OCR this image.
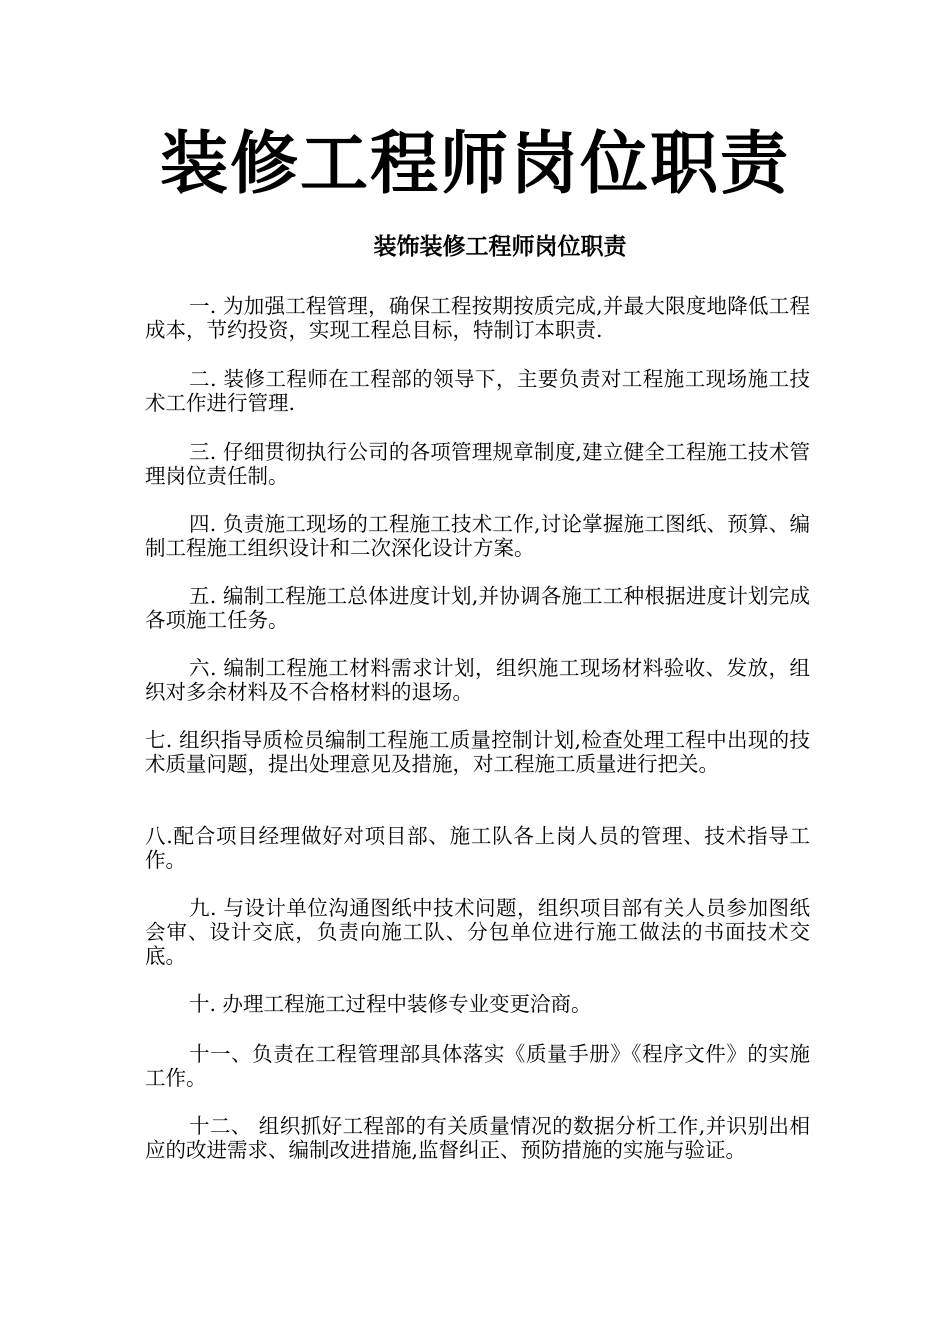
装修工程师岗位职责
装饰装修工程师岗位职责

一. 为加强工程管理，确保工程按期按质完成,并最大限度地降低工程成本，节约投资，实现工程总目标，特制订本职责.

二. 装修工程师在工程部的领导下，主要负责对工程施工现场施工技术工作进行管理.

三. 仔细贯彻执行公司的各项管理规章制度,建立健全工程施工技术管理岗位责任制。

四. 负责施工现场的工程施工技术工作,讨论掌握施工图纸、预算、编制工程施工组织设计和二次深化设计方案。

五. 编制工程施工总体进度计划,并协调各施工工种根据进度计划完成各项施工任务。

六. 编制工程施工材料需求计划，组织施工现场材料验收、发放，组织对多余材料及不合格材料的退场。

七. 组织指导质检员编制工程施工质量控制计划,检查处理工程中出现的技术质量问题，提出处理意见及措施，对工程施工质量进行把关。

八.配合项目经理做好对项目部、施工队各上岗人员的管理、技术指导工作。

九. 与设计单位沟通图纸中技术问题，组织项目部有关人员参加图纸会审、设计交底，负责向施工队、分包单位进行施工做法的书面技术交底。

十. 办理工程施工过程中装修专业变更洽商。

十一、负责在工程管理部具体落实《质量手册》《程序文件》的实施工作。

十二、 组织抓好工程部的有关质量情况的数据分析工作,并识别出相应的改进需求、编制改进措施,监督纠正、预防措施的实施与验证。
